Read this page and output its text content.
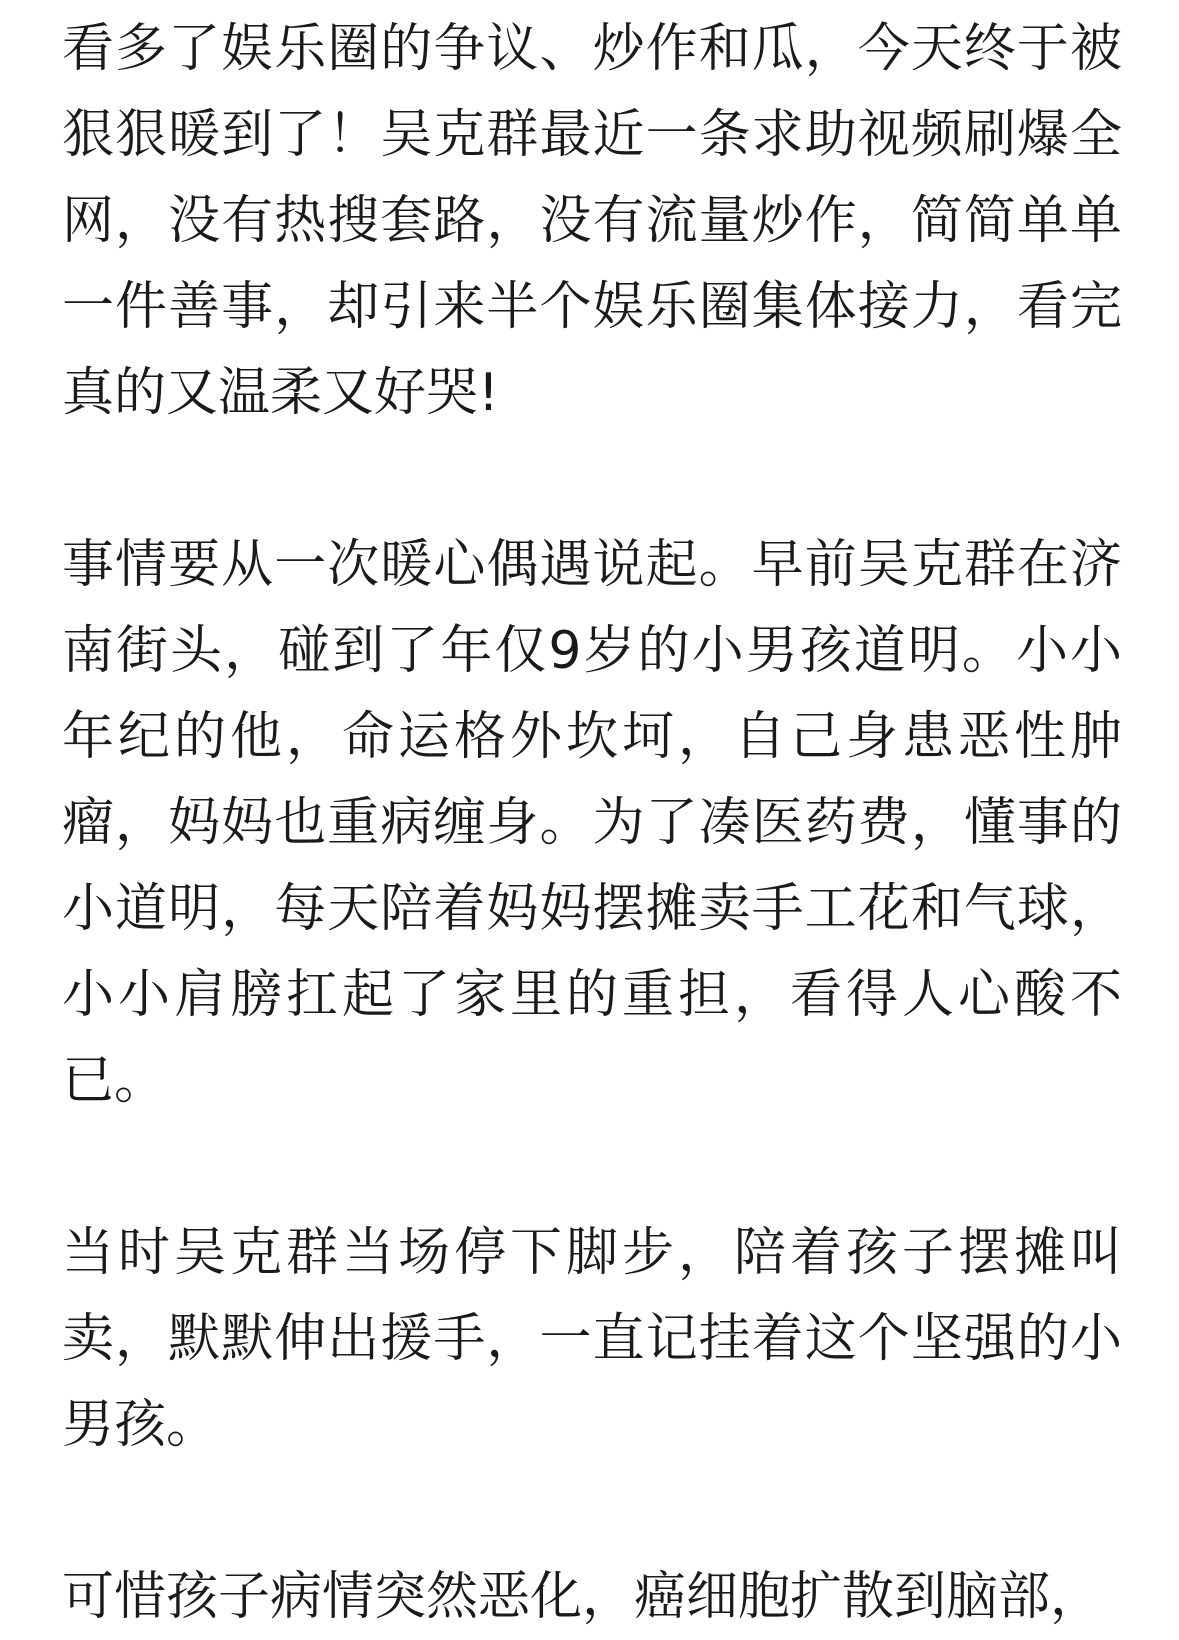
看多了娱乐圈的争议、炒作和瓜，今天终于被狠狠暖到了！吴克群最近一条求助视频刷爆全网，没有热搜套路，没有流量炒作，简简单单一件善事，却引来半个娱乐圈集体接力，看完真的又温柔又好哭!

事情要从一次暖心偶遇说起。早前吴克群在济南街头，碰到了年仅9岁的小男孩道明。小小年纪的他，命运格外坎坷，自己身患恶性肿瘤，妈妈也重病缠身。为了凑医药费，懂事的小道明，每天陪着妈妈摆摊卖手工花和气球，小小肩膀扛起了家里的重担，看得人心酸不已。

当时吴克群当场停下脚步，陪着孩子摆摊叫卖，默默伸出援手，一直记挂着这个坚强的小男孩。

可惜孩子病情突然恶化，癌细胞扩散到脑部，
